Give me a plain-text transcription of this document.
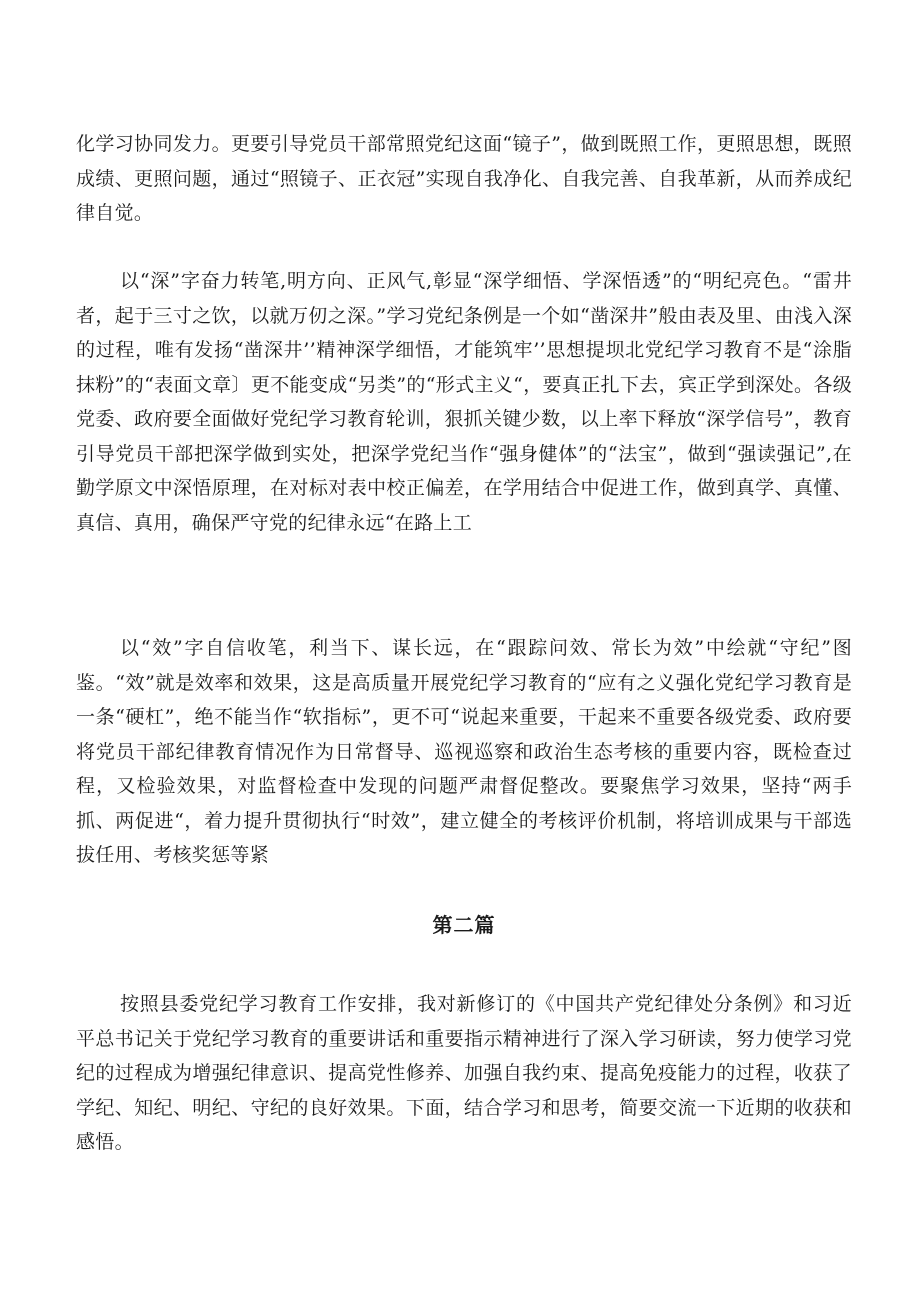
化学习协同发力。更要引导党员干部常照党纪这面“镜子”，做到既照工作，更照思想，既照成绩、更照问题，通过“照镜子、正衣冠”实现自我净化、自我完善、自我革新，从而养成纪律自觉。

以“深”字奋力转笔,明方向、正风气,彰显“深学细悟、学深悟透”的“明纪亮色。“雷井者，起于三寸之饮，以就万仞之深。”学习党纪条例是一个如“凿深井”般由表及里、由浅入深的过程，唯有发扬“凿深井’’精神深学细悟，才能筑牢’’思想提坝北党纪学习教育不是“涂脂抹粉”的“表面文章〕更不能变成“另类”的“形式主义“，要真正扎下去，宾正学到深处。各级党委、政府要全面做好党纪学习教育轮训，狠抓关键少数，以上率下释放“深学信号”，教育引导党员干部把深学做到实处，把深学党纪当作“强身健体”的“法宝”，做到“强读强记”,在勤学原文中深悟原理，在对标对表中校正偏差，在学用结合中促进工作，做到真学、真懂、真信、真用，确保严守党的纪律永远“在路上工

以“效”字自信收笔，利当下、谋长远，在“跟踪问效、常长为效”中绘就“守纪”图鉴。“效”就是效率和效果，这是高质量开展党纪学习教育的“应有之义强化党纪学习教育是一条“硬杠”，绝不能当作“软指标”，更不可“说起来重要，干起来不重要各级党委、政府要将党员干部纪律教育情况作为日常督导、巡视巡察和政治生态考核的重要内容，既检查过程，又检验效果，对监督检查中发现的问题严肃督促整改。要聚焦学习效果，坚持“两手抓、两促进“，着力提升贯彻执行“时效”，建立健全的考核评价机制，将培训成果与干部选拔任用、考核奖惩等紧

第二篇

按照县委党纪学习教育工作安排，我对新修订的《中国共产党纪律处分条例》和习近平总书记关于党纪学习教育的重要讲话和重要指示精神进行了深入学习研读，努力使学习党纪的过程成为增强纪律意识、提高党性修养、加强自我约束、提高免疫能力的过程，收获了学纪、知纪、明纪、守纪的良好效果。下面，结合学习和思考，简要交流一下近期的收获和感悟。
